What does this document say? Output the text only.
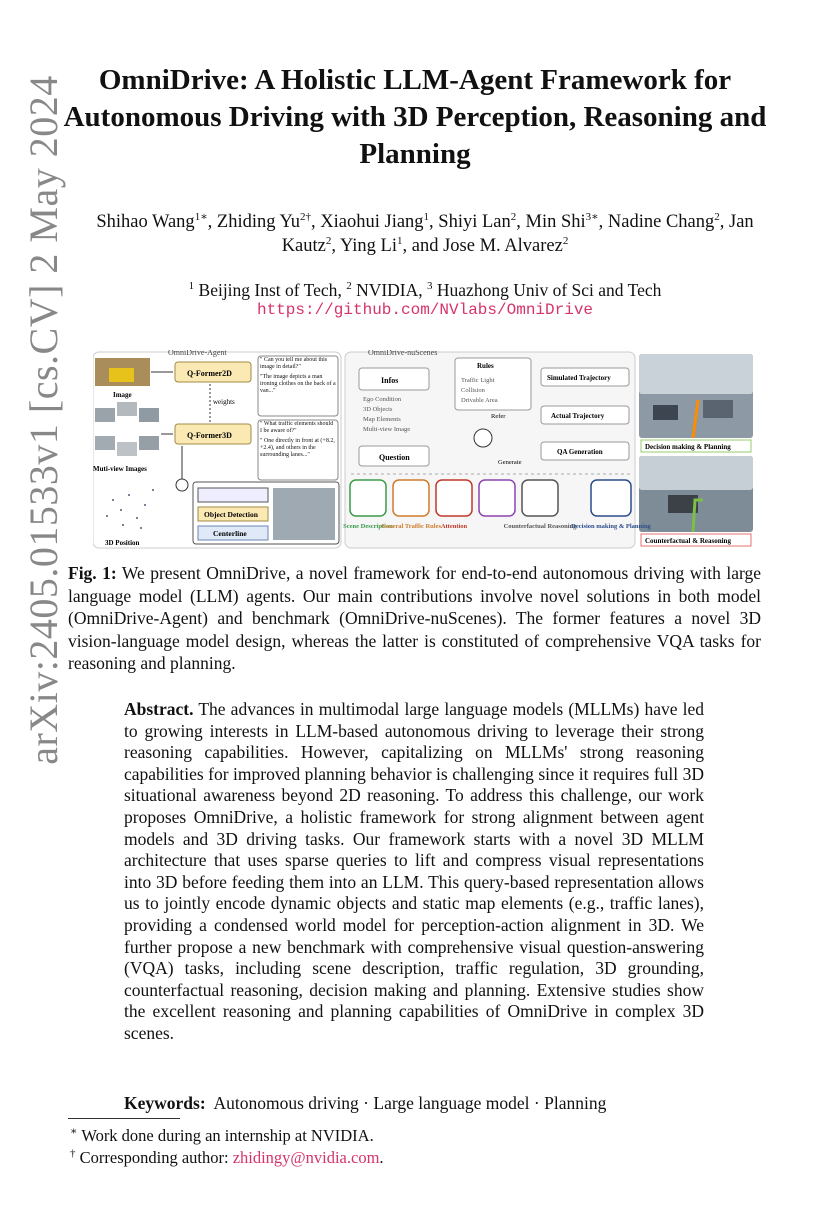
arXiv:2405.01533v1 [cs.CV] 2 May 2024	OmniDrive: A Holistic LLM-Agent Framework for Autonomous Driving with 3D Perception, Reasoning and Planning
Shihao Wang$^{1∗}$, Zhiding $Yu^{2\dagger}$, Xiaohui Jiang$^1$, Shiyi Lan$^2$, Min Shi$^{3∗}$, Nadine Chang$^2$, Jan Kautz$^2$, Ying Li$^1$, and Jose M. Alvarez$^2$
$^1$ Beijing Inst of Tech, $^2$ NVIDIA, $^3$ Huazhong Univ of Sci and Tech
https://github.com/NVlabs/OmniDrive
OmniDrive-Agent	OmniDrive-nuScenes
Decision making & Planning
Counterfactual & Reasoning
Image
Muti-view Images
3D Position
Q-Former2D
Q-Former3D
weights
" Can you tell me about this image in detail?"
"The image depicts a man ironing clothes on the back of a van..."
" What traffic elements should I be aware of?"
" One directly in front at (+8.2, +2.4), and others in the surrounding lanes..."
Object Detection
Centerline
Infos
Ego Condition
3D Objects
Map Elements
Multi-view Image
Question
Rules
Traffic Light
Collision
Drivable Area
Refer
Generate
Simulated Trajectory
Actual Trajectory
QA Generation
Scene Description
General Traffic Rules Attention	Counterfactual Reasoning
Decision making & Planning
Fig. 1: We present OmniDrive, a novel framework for end-to-end autonomous driving with large language model (LLM) agents. Our main contributions involve novel solutions in both model (OmniDrive-Agent) and benchmark (OmniDrive-nuScenes). The former features a novel 3D vision-language model design, whereas the latter is constituted of comprehensive VQA tasks for reasoning and planning.
Abstract. The advances in multimodal large language models (MLLMs) have led to growing interests in LLM-based autonomous driving to leverage their strong reasoning capabilities. However, capitalizing on MLLMs' strong reasoning capabilities for improved planning behavior is challenging since it requires full 3D situational awareness beyond 2D reasoning. To address this challenge, our work proposes OmniDrive, a holistic framework for strong alignment between agent models and 3D driving tasks. Our framework starts with a novel 3D MLLM architecture that uses sparse queries to lift and compress visual representations into 3D before feeding them into an LLM. This query-based representation allows us to jointly encode dynamic objects and static map elements (e.g., traffic lanes), providing a condensed world model for perception-action alignment in 3D. We further propose a new benchmark with comprehensive visual question-answering (VQA) tasks, including scene description, traffic regulation, 3D grounding, counterfactual reasoning, decision making and planning. Extensive studies show the excellent reasoning and planning capabilities of OmniDrive in complex 3D scenes.
Keywords: Autonomous driving · Large language model · Planning
∗ Work done during an internship at NVIDIA.
† Corresponding author: zhidingy@nvidia.com.
